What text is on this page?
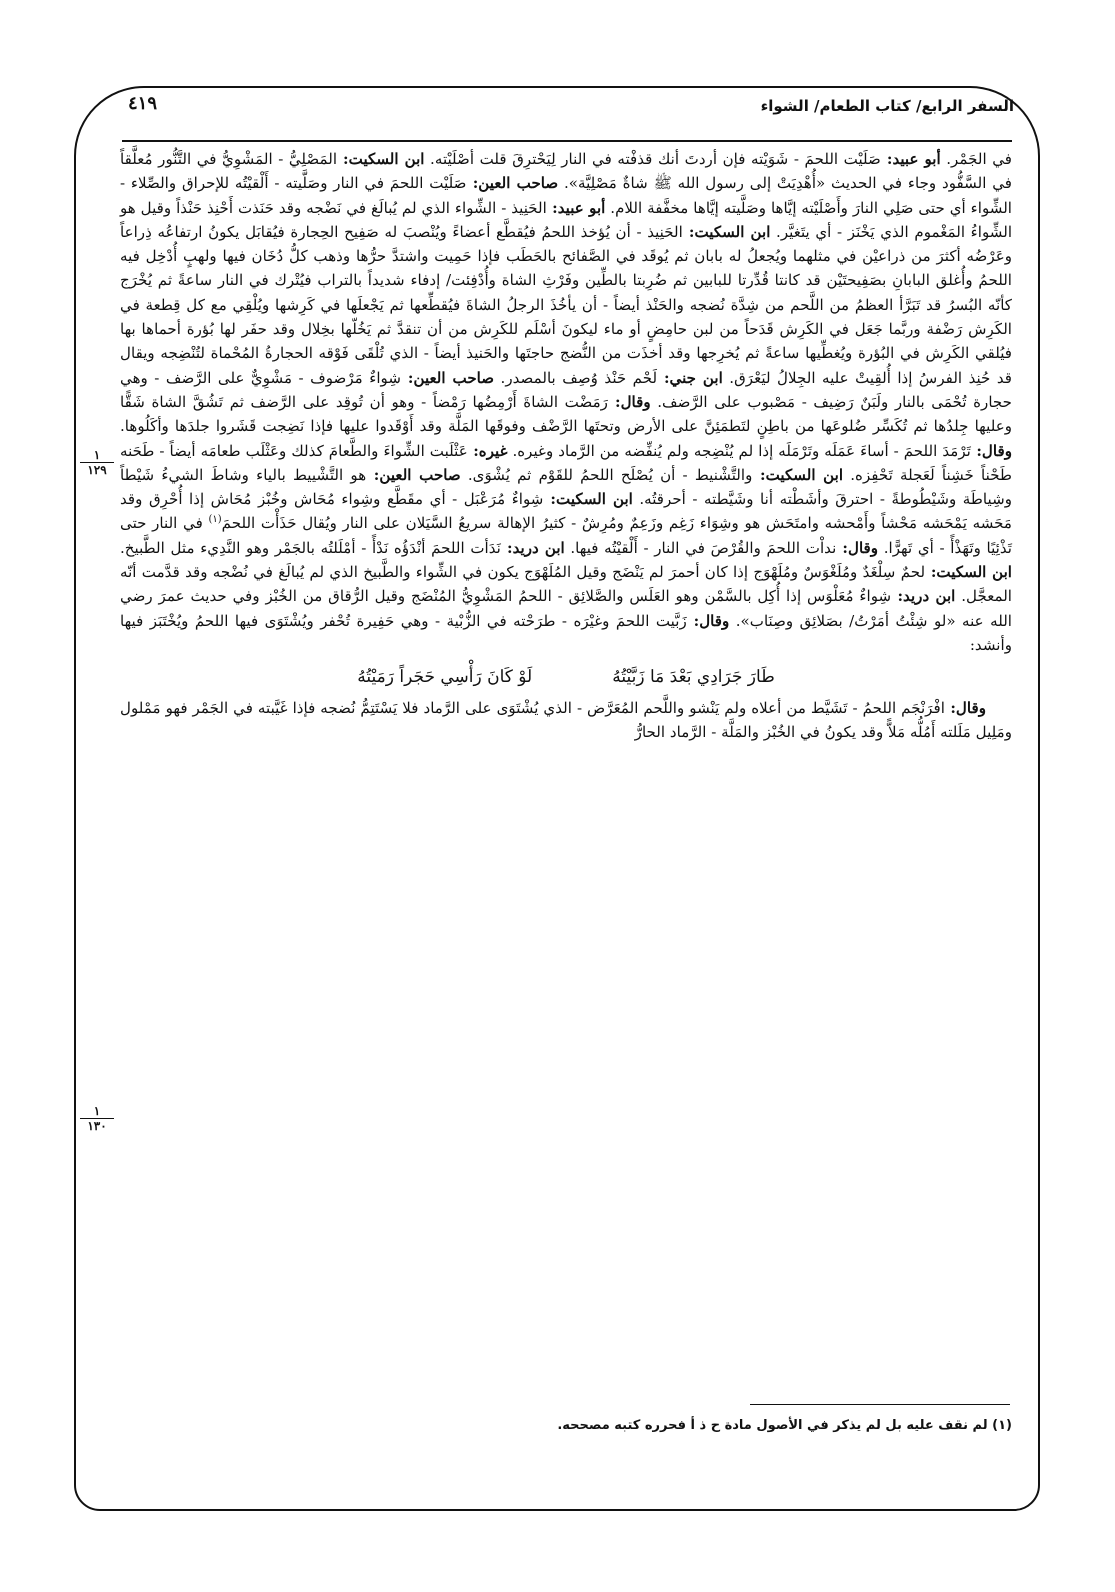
السفر الرابع/ كتاب الطعام/ الشواء
٤١٩
١
١٢٩
١
١٣٠

في الجَمْر. أبو عبيد: صَلَيْت اللحمَ - شَوَيْته فإن أردتَ أنك قذفْته في النار لِيَحْترِقَ قلت أصْلَيْته. ابن السكيت: المَصْلِيُّ - المَشْوِيُّ في التَّنُّور مُعلَّقاً في السَّفُّود وجاء في الحديث «أُهْدِيَتْ إلى رسول الله ﷺ شاةٌ مَصْلِيَّة». صاحب العين: صَلَيْت اللحمَ في النار وصَلَّيته - أَلْقيْتُه للإحراق والصِّلاء - الشِّواء أي حتى صَلِي النارَ وأَصْلَيْته إيَّاها وصَلَّيته إيَّاها مخفَّفة اللام. أبو عبيد: الحَنِيذ - الشِّواء الذي لم يُبالَغ في نَضْجه وقد حَنَذت أَحْنِذ حَنْذاً وقيل هو الشِّواءُ المَغْموم الذي يَخْنَز - أي يتَغيَّر. ابن السكيت: الحَنِيذ - أن يُؤخذ اللحمُ فيُقطَّع أعضاءً ويُنْصبَ له صَفِيح الحِجارة فيُقابَل يكونُ ارتفاعُه ذِراعاً وعَرْضُه أكثرَ من ذراعيْن في مثلهما ويُجعلُ له بابان ثم يُوقَد في الصَّفائح بالحَطَب فإذا حَمِيت واشتدَّ حرُّها وذهب كلُّ دُخَان فيها ولهبٍ أُدْخِل فيه اللحمُ وأُغلق البابانِ بصَفِيحتَيْن قد كانتا قُدِّرتا للبابين ثم ضُرِبتا بالطِّين وفَرْثِ الشاة وأُدْفِئت/ إدفاء شديداً بالتراب فيُتْرك في النار ساعةً ثم يُخْرَج كأنّه البُسرُ قد تَبَرَّأ العظمُ من اللَّحم من شِدَّة نُضجه والحَنْذ أيضاً - أن يأخُذَ الرجلُ الشاةَ فيُقطِّعها ثم يَجْعلَها في كَرِشها ويُلْقِي مع كل قِطعة في الكَرِش رَضْفة وربَّما جَعَل في الكَرِش قَدَحاً من لبن حامِضٍ أو ماء ليكونَ أسْلَم للكَرِش من أن تنقدَّ ثم يَخُلّها بخِلال وقد حفَر لها بُؤرة أحماها بها فيُلقي الكَرِش في البُؤرة ويُغطِّيها ساعةً ثم يُخرِجها وقد أخذَت من النُّضج حاجتَها والحَنيذ أيضاً - الذي تُلْقَى فَوْقه الحجارةُ المُحْماة لتُنْضِجه ويقال قد حُنِذ الفرسُ إذا أُلقِيتْ عليه الجِلالُ ليَعْرَق. ابن جني: لَحْم حَنْذ وُصِف بالمصدر. صاحب العين: شِواءٌ مَرْضوف - مَشْوِيٌّ على الرَّضف - وهي حجارة تُحْمَى بالنار ولَبَنٌ رَضِيف - مَصْبوب على الرَّضف. وقال: رَمَضْت الشاةَ أَرْمِضُها رَمْضاً - وهو أن تُوقِد على الرَّضف ثم تَشُقَّ الشاة شَقًّا وعليها جِلدُها ثم تُكَسِّر ضُلوعَها من باطِنٍ لتَطمَئِنَّ على الأرض وتحتَها الرَّضْف وفوقَها المَلَّة وقد أَوْقَدوا عليها فإذا نَضِجت قَشَروا جلدَها وأكَلُوها. وقال: تَرْمَدَ اللحمَ - أساءَ عَمَلَه وتَرْمَلَه إذا لم يُنْضِجه ولم يُنفِّضه من الرَّماد وغيره. غيره: عَثْلَبت الشِّواءَ والطَّعامَ كذلك وعَثْلَب طعامَه أيضاً - طَحَنه طَحْناً خَشِناً لَعَجلة تَحْفِزه. ابن السكيت: والتَّشْنيط - أن يُصْلَح اللحمُ للقَوْم ثم يُشْوَى. صاحب العين: هو التَّشْييط بالياء وشاطَ الشيءُ شَيْطاً وشِياطَة وشَيْطُوطةً - احترقَ وأشَطْته أنا وشَيَّطته - أحرقتُه. ابن السكيت: شِواءٌ مُرَعْبَل - أي مقَطَّع وشِواء مُحَاش وخُبْز مُحَاش إذا أُحْرِق وقد مَحَشه يَمْحَشه مَحْشاً وأَمْحشه وامتَحَش هو وشِوَاء زَغِم وزَعِمٌ ومُرِشٌ - كثيرُ الإهالة سريعُ السَّيَلان على النار ويُقال حَذَأْت اللحمَ$^{(١)}$ في النار حتى تَذْئِيًا وتَهَذْأً - أي تَهرًّا. وقال: نداْت اللحمَ والقُرْصَ في النار - أَلْقيْتُه فيها. ابن دريد: نَدَأت اللحمَ أنْدَؤُه نَدْأً - أمْلَلتُه بالجَمْر وهو النَّدِيء مثل الطَّبيخ. ابن السكيت: لحمٌ سِلْغَدٌ ومُلَغْوَسٌ ومُلَهْوَج إذا كان أحمرَ لم يَنْضَج وقيل المُلَهْوَج يكون في الشِّواء والطَّبيخ الذي لم يُبالَغ في نُضْجه وقد قدَّمت أنّه المعجَّل. ابن دريد: شِواءٌ مُعَلْوَس إذا أُكِل بالسَّمْن وهو العَلَس والصَّلائِق - اللحمُ المَشْوِيُّ المُنْضَج وقيل الرُّقاق من الخُبْز وفي حديث عمرَ رضي الله عنه «لو شِئْتُ أمَرْتُ/ بصَلائِق وصِنَاب». وقال: زَبَّيت اللحمَ وغيْرَه - طرَحْته في الزُّبْية - وهي حَفِيرة تُحْفر ويُشْتَوَى فيها اللحمُ ويُخْتَبَز فيها وأنشد:

طَارَ جَرَادِي بَعْدَ مَا زَبَّيْتُهُ
لَوْ كَانَ رَأْسِي حَجَراً رَمَيْتُهُ

وقال: افْرَنْجَم اللحمُ - تَشَيَّط من أعلاه ولم يَنْشو واللَّحم المُعَرَّض - الذي يُشْتَوَى على الرَّماد فلا يَسْتَتِمُّ نُضجه فإذا غَيَّبته في الجَمْر فهو مَمْلول ومَلِيل مَلَلته أَمُلُّه مَلاًّ وقد يكونُ في الخُبْز والمَلَّة - الرَّماد الحارُّ

(١) لم نقف عليه بل لم يذكر في الأصول مادة ح ذ أ فحرره كتبه مصححه.
